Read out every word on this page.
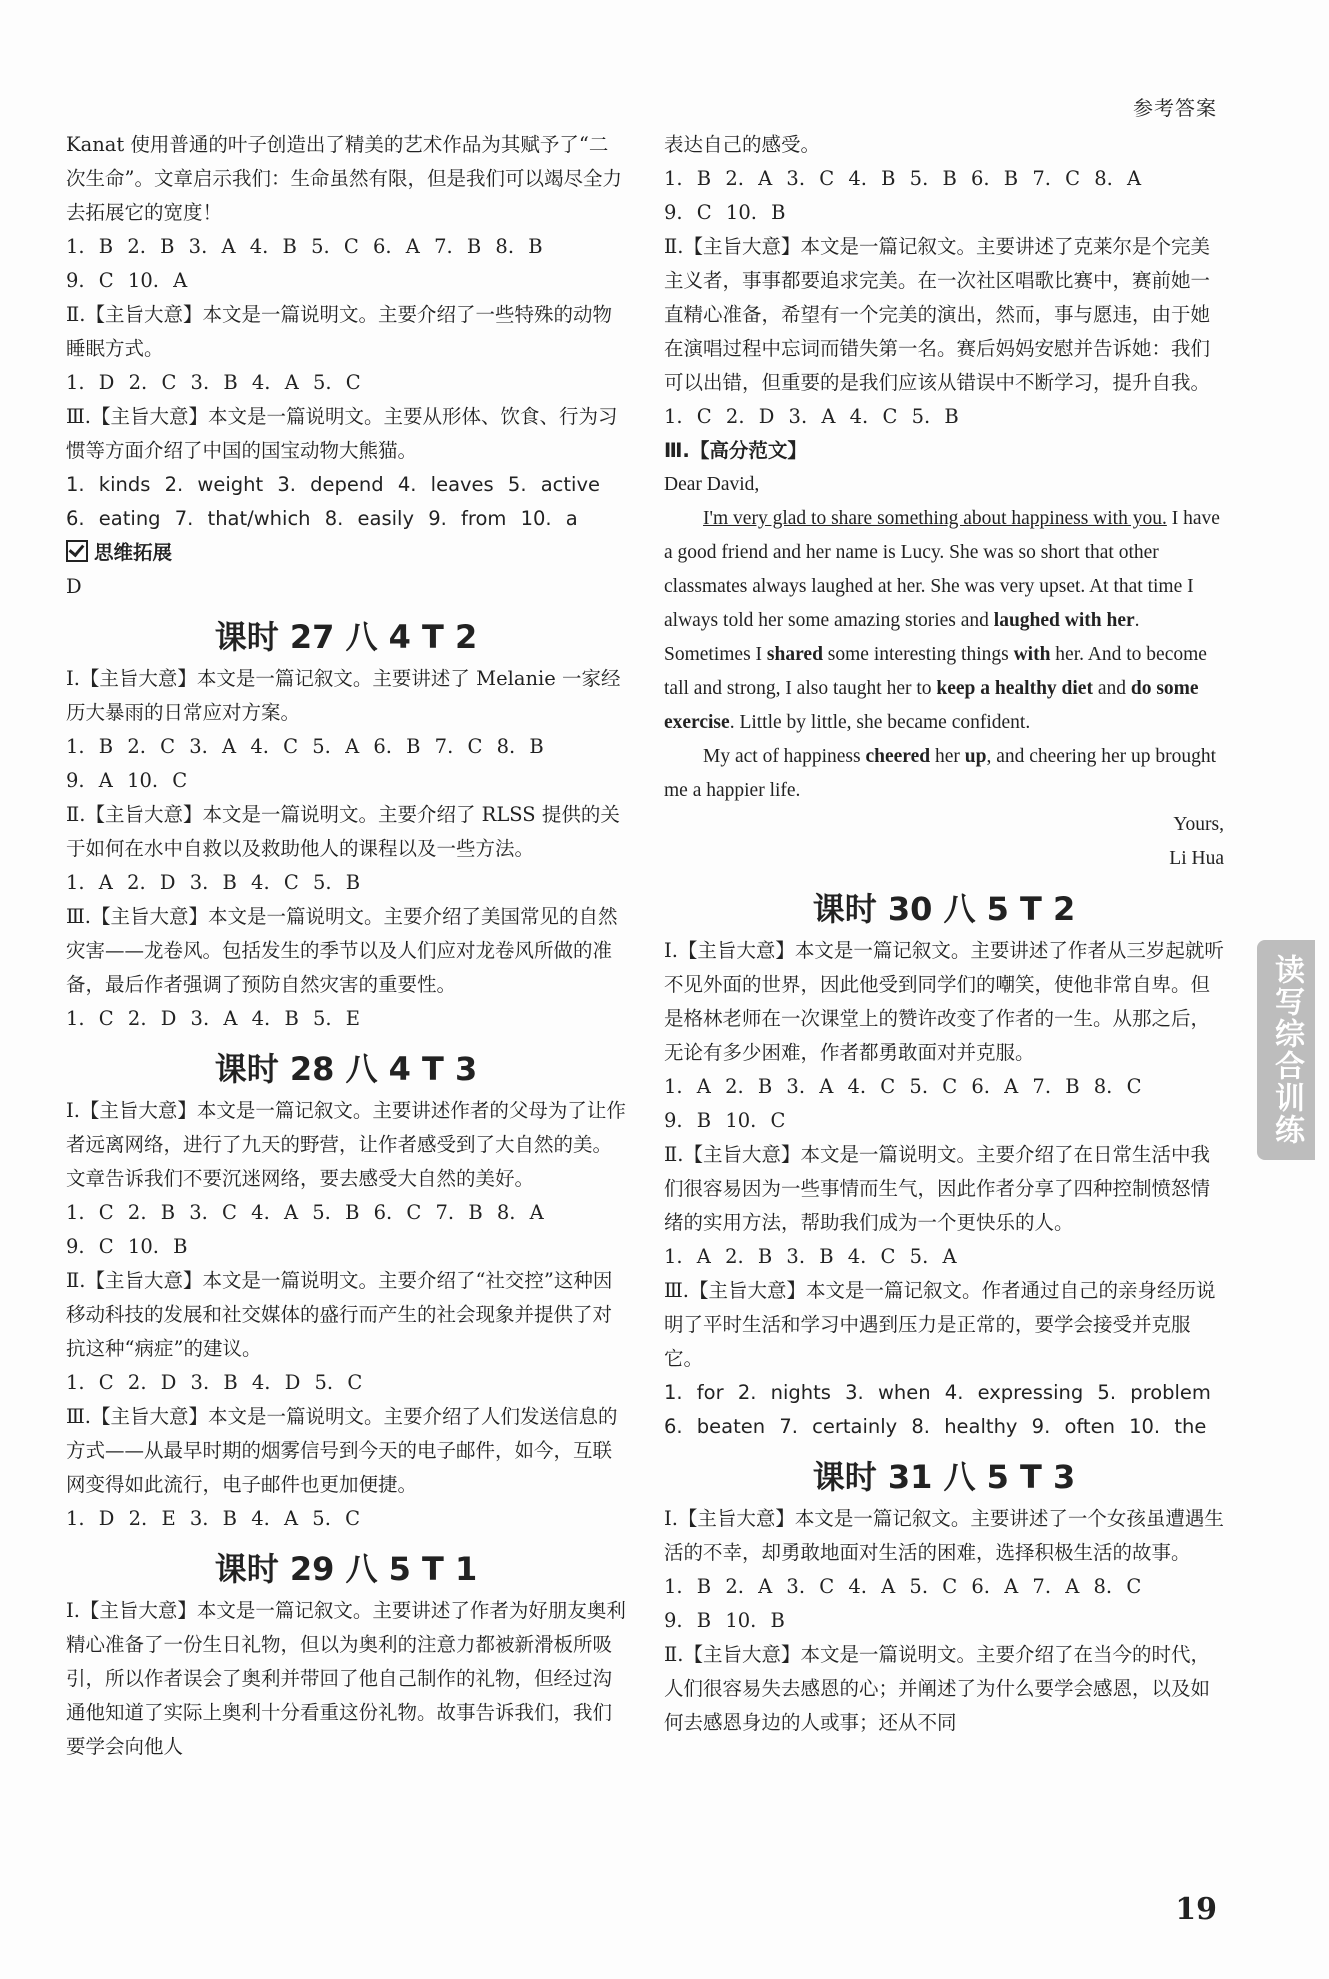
参考答案

Kanat 使用普通的叶子创造出了精美的艺术作品为其赋予了“二次生命”。文章启示我们：生命虽然有限，但是我们可以竭尽全力去拓展它的宽度！

1. B 2. B 3. A 4. B 5. C 6. A 7. B 8. B

9. C 10. A

Ⅱ.【主旨大意】本文是一篇说明文。主要介绍了一些特殊的动物睡眠方式。

1. D 2. C 3. B 4. A 5. C

Ⅲ.【主旨大意】本文是一篇说明文。主要从形体、饮食、行为习惯等方面介绍了中国的国宝动物大熊猫。

1. kinds 2. weight 3. depend 4. leaves 5. active

6. eating 7. that/which 8. easily 9. from 10. a

思维拓展

D

课时 27 八 4 T 2

Ⅰ.【主旨大意】本文是一篇记叙文。主要讲述了 Melanie 一家经历大暴雨的日常应对方案。

1. B 2. C 3. A 4. C 5. A 6. B 7. C 8. B

9. A 10. C

Ⅱ.【主旨大意】本文是一篇说明文。主要介绍了 RLSS 提供的关于如何在水中自救以及救助他人的课程以及一些方法。

1. A 2. D 3. B 4. C 5. B

Ⅲ.【主旨大意】本文是一篇说明文。主要介绍了美国常见的自然灾害——龙卷风。包括发生的季节以及人们应对龙卷风所做的准备，最后作者强调了预防自然灾害的重要性。

1. C 2. D 3. A 4. B 5. E

课时 28 八 4 T 3

Ⅰ.【主旨大意】本文是一篇记叙文。主要讲述作者的父母为了让作者远离网络，进行了九天的野营，让作者感受到了大自然的美。文章告诉我们不要沉迷网络，要去感受大自然的美好。

1. C 2. B 3. C 4. A 5. B 6. C 7. B 8. A

9. C 10. B

Ⅱ.【主旨大意】本文是一篇说明文。主要介绍了“社交控”这种因移动科技的发展和社交媒体的盛行而产生的社会现象并提供了对抗这种“病症”的建议。

1. C 2. D 3. B 4. D 5. C

Ⅲ.【主旨大意】本文是一篇说明文。主要介绍了人们发送信息的方式——从最早时期的烟雾信号到今天的电子邮件，如今，互联网变得如此流行，电子邮件也更加便捷。

1. D 2. E 3. B 4. A 5. C

课时 29 八 5 T 1

Ⅰ.【主旨大意】本文是一篇记叙文。主要讲述了作者为好朋友奥利精心准备了一份生日礼物，但以为奥利的注意力都被新滑板所吸引，所以作者误会了奥利并带回了他自己制作的礼物，但经过沟通他知道了实际上奥利十分看重这份礼物。故事告诉我们，我们要学会向他人

表达自己的感受。

1. B 2. A 3. C 4. B 5. B 6. B 7. C 8. A

9. C 10. B

Ⅱ.【主旨大意】本文是一篇记叙文。主要讲述了克莱尔是个完美主义者，事事都要追求完美。在一次社区唱歌比赛中，赛前她一直精心准备，希望有一个完美的演出，然而，事与愿违，由于她在演唱过程中忘词而错失第一名。赛后妈妈安慰并告诉她：我们可以出错，但重要的是我们应该从错误中不断学习，提升自我。

1. C 2. D 3. A 4. C 5. B

Ⅲ.【高分范文】

Dear David,

I'm very glad to share something about happiness with you. I have a good friend and her name is Lucy. She was so short that other classmates always laughed at her. She was very upset. At that time I always told her some amazing stories and laughed with her. Sometimes I shared some interesting things with her. And to become tall and strong, I also taught her to keep a healthy diet and do some exercise. Little by little, she became confident.

My act of happiness cheered her up, and cheering her up brought me a happier life.

Yours,

Li Hua

课时 30 八 5 T 2

Ⅰ.【主旨大意】本文是一篇记叙文。主要讲述了作者从三岁起就听不见外面的世界，因此他受到同学们的嘲笑，使他非常自卑。但是格林老师在一次课堂上的赞许改变了作者的一生。从那之后，无论有多少困难，作者都勇敢面对并克服。

1. A 2. B 3. A 4. C 5. C 6. A 7. B 8. C

9. B 10. C

Ⅱ.【主旨大意】本文是一篇说明文。主要介绍了在日常生活中我们很容易因为一些事情而生气，因此作者分享了四种控制愤怒情绪的实用方法，帮助我们成为一个更快乐的人。

1. A 2. B 3. B 4. C 5. A

Ⅲ.【主旨大意】本文是一篇记叙文。作者通过自己的亲身经历说明了平时生活和学习中遇到压力是正常的，要学会接受并克服它。

1. for 2. nights 3. when 4. expressing 5. problem

6. beaten 7. certainly 8. healthy 9. often 10. the

课时 31 八 5 T 3

Ⅰ.【主旨大意】本文是一篇记叙文。主要讲述了一个女孩虽遭遇生活的不幸，却勇敢地面对生活的困难，选择积极生活的故事。

1. B 2. A 3. C 4. A 5. C 6. A 7. A 8. C

9. B 10. B

Ⅱ.【主旨大意】本文是一篇说明文。主要介绍了在当今的时代，人们很容易失去感恩的心；并阐述了为什么要学会感恩，以及如何去感恩身边的人或事；还从不同

读写综合训练
19
